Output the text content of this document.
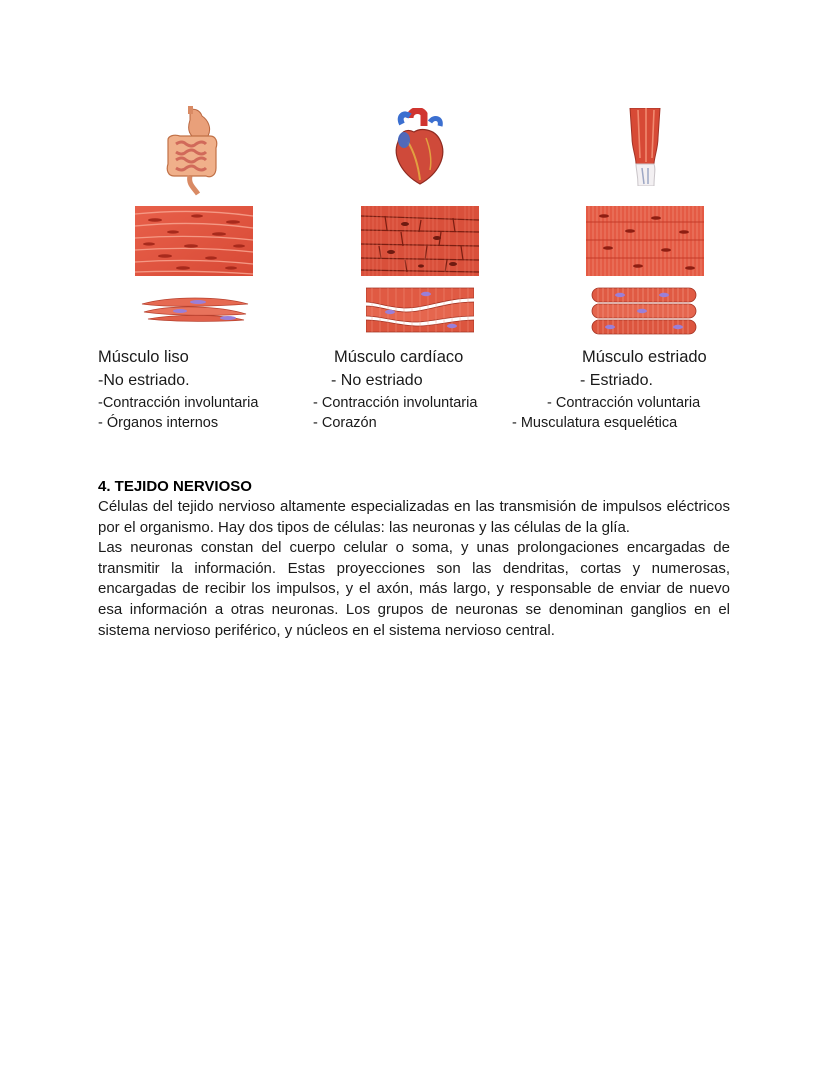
Músculo liso
-No estriado.
-Contracción involuntaria
- Órganos internos
Músculo cardíaco
- No estriado
- Contracción involuntaria
- Corazón
Músculo estriado
- Estriado.
- Contracción voluntaria
- Musculatura esquelética
4. TEJIDO NERVIOSO

Células del tejido nervioso altamente especializadas en las transmisión de impulsos eléctricos por el organismo. Hay dos tipos de células: las neuronas y las células de la glía.

Las neuronas constan del cuerpo celular o soma, y unas prolongaciones encargadas de transmitir la información. Estas proyecciones son las dendritas, cortas y numerosas, encargadas de recibir los impulsos, y el axón, más largo, y responsable de enviar de nuevo esa información a otras neuronas. Los grupos de neuronas se denominan ganglios en el sistema nervioso periférico, y núcleos en el sistema nervioso central.
